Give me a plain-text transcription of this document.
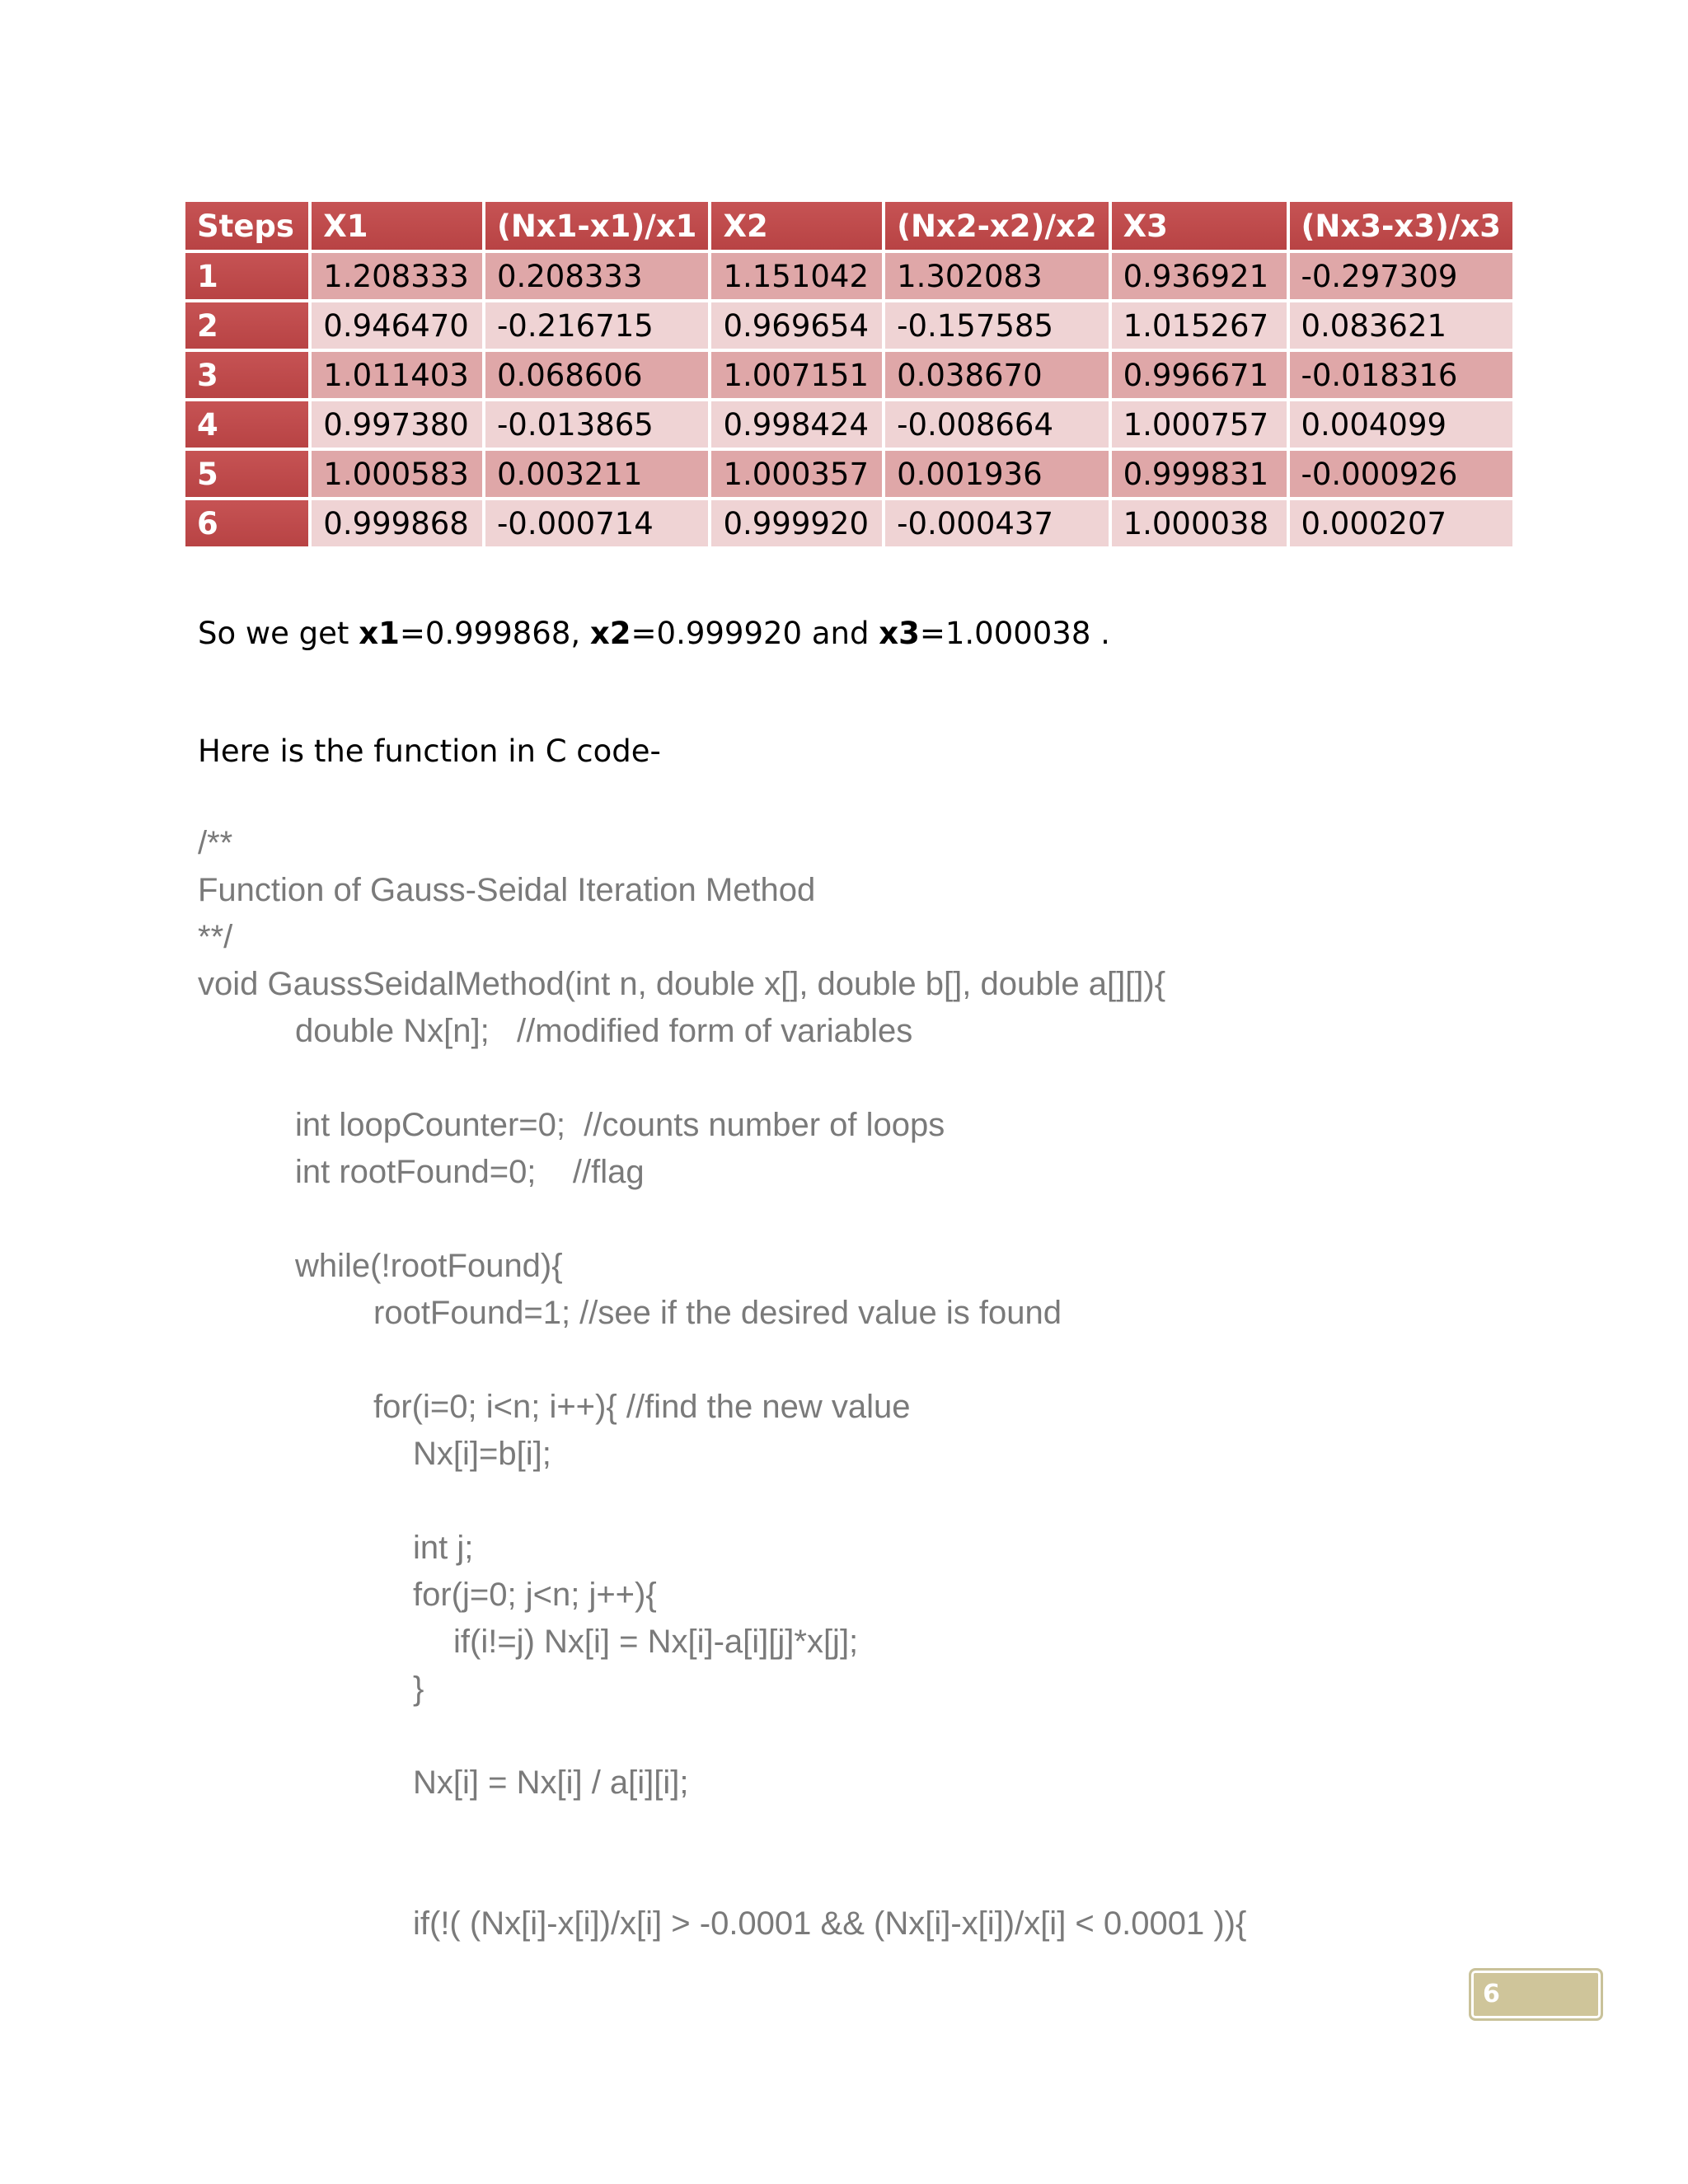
Steps	X1	(Nx1-x1)/x1	X2	(Nx2-x2)/x2	X3	(Nx3-x3)/x3
1	1.208333	0.208333	1.151042	1.302083	0.936921	-0.297309
2	0.946470	-0.216715	0.969654	-0.157585	1.015267	0.083621
3	1.011403	0.068606	1.007151	0.038670	0.996671	-0.018316
4	0.997380	-0.013865	0.998424	-0.008664	1.000757	0.004099
5	1.000583	0.003211	1.000357	0.001936	0.999831	-0.000926
6	0.999868	-0.000714	0.999920	-0.000437	1.000038	0.000207
So we get x1=0.999868, x2=0.999920 and x3=1.000038 .
Here is the function in C code-
/**
Function of Gauss-Seidal Iteration Method
**/
void GaussSeidalMethod(int n, double x[], double b[], double a[][]){
double Nx[n];   //modified form of variables
int loopCounter=0;  //counts number of loops
int rootFound=0;    //flag
while(!rootFound){
rootFound=1; //see if the desired value is found
for(i=0; i<n; i++){ //find the new value
Nx[i]=b[i];
int j;
for(j=0; j<n; j++){
if(i!=j) Nx[i] = Nx[i]-a[i][j]*x[j];
}
Nx[i] = Nx[i] / a[i][i];
if(!( (Nx[i]-x[i])/x[i] > -0.0001 && (Nx[i]-x[i])/x[i] < 0.0001 )){
6
